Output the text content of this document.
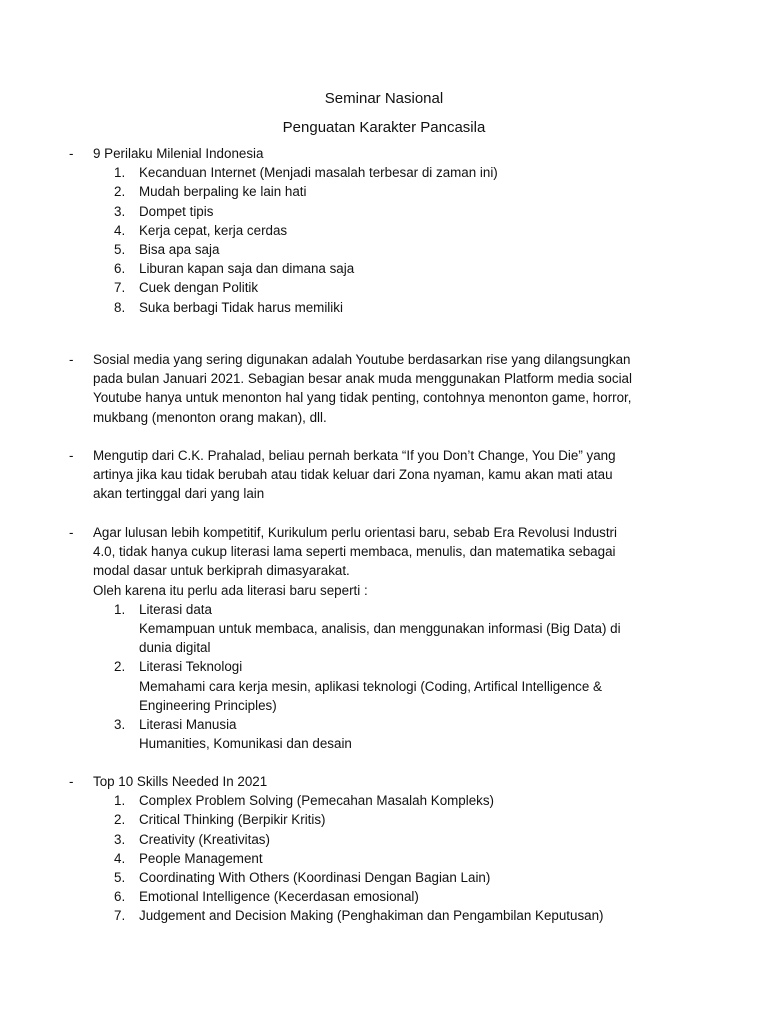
Seminar Nasional
Penguatan Karakter Pancasila
- 9 Perilaku Milenial Indonesia
1. Kecanduan Internet (Menjadi masalah terbesar di zaman ini)
2. Mudah berpaling ke lain hati
3. Dompet tipis
4. Kerja cepat, kerja cerdas
5. Bisa apa saja
6. Liburan kapan saja dan dimana saja
7. Cuek dengan Politik
8. Suka berbagi Tidak harus memiliki
- Sosial media yang sering digunakan adalah Youtube berdasarkan rise yang dilangsungkan
pada bulan Januari 2021. Sebagian besar anak muda menggunakan Platform media social
Youtube hanya untuk menonton hal yang tidak penting, contohnya menonton game, horror,
mukbang (menonton orang makan), dll.
- Mengutip dari C.K. Prahalad, beliau pernah berkata “If you Don’t Change, You Die” yang
artinya jika kau tidak berubah atau tidak keluar dari Zona nyaman, kamu akan mati atau
akan tertinggal dari yang lain
- Agar lulusan lebih kompetitif, Kurikulum perlu orientasi baru, sebab Era Revolusi Industri
4.0, tidak hanya cukup literasi lama seperti membaca, menulis, dan matematika sebagai
modal dasar untuk berkiprah dimasyarakat.
Oleh karena itu perlu ada literasi baru seperti :
1. Literasi data
Kemampuan untuk membaca, analisis, dan menggunakan informasi (Big Data) di
dunia digital
2. Literasi Teknologi
Memahami cara kerja mesin, aplikasi teknologi (Coding, Artifical Intelligence &
Engineering Principles)
3. Literasi Manusia
Humanities, Komunikasi dan desain
- Top 10 Skills Needed In 2021
1. Complex Problem Solving (Pemecahan Masalah Kompleks)
2. Critical Thinking (Berpikir Kritis)
3. Creativity (Kreativitas)
4. People Management
5. Coordinating With Others (Koordinasi Dengan Bagian Lain)
6. Emotional Intelligence (Kecerdasan emosional)
7. Judgement and Decision Making (Penghakiman dan Pengambilan Keputusan)
